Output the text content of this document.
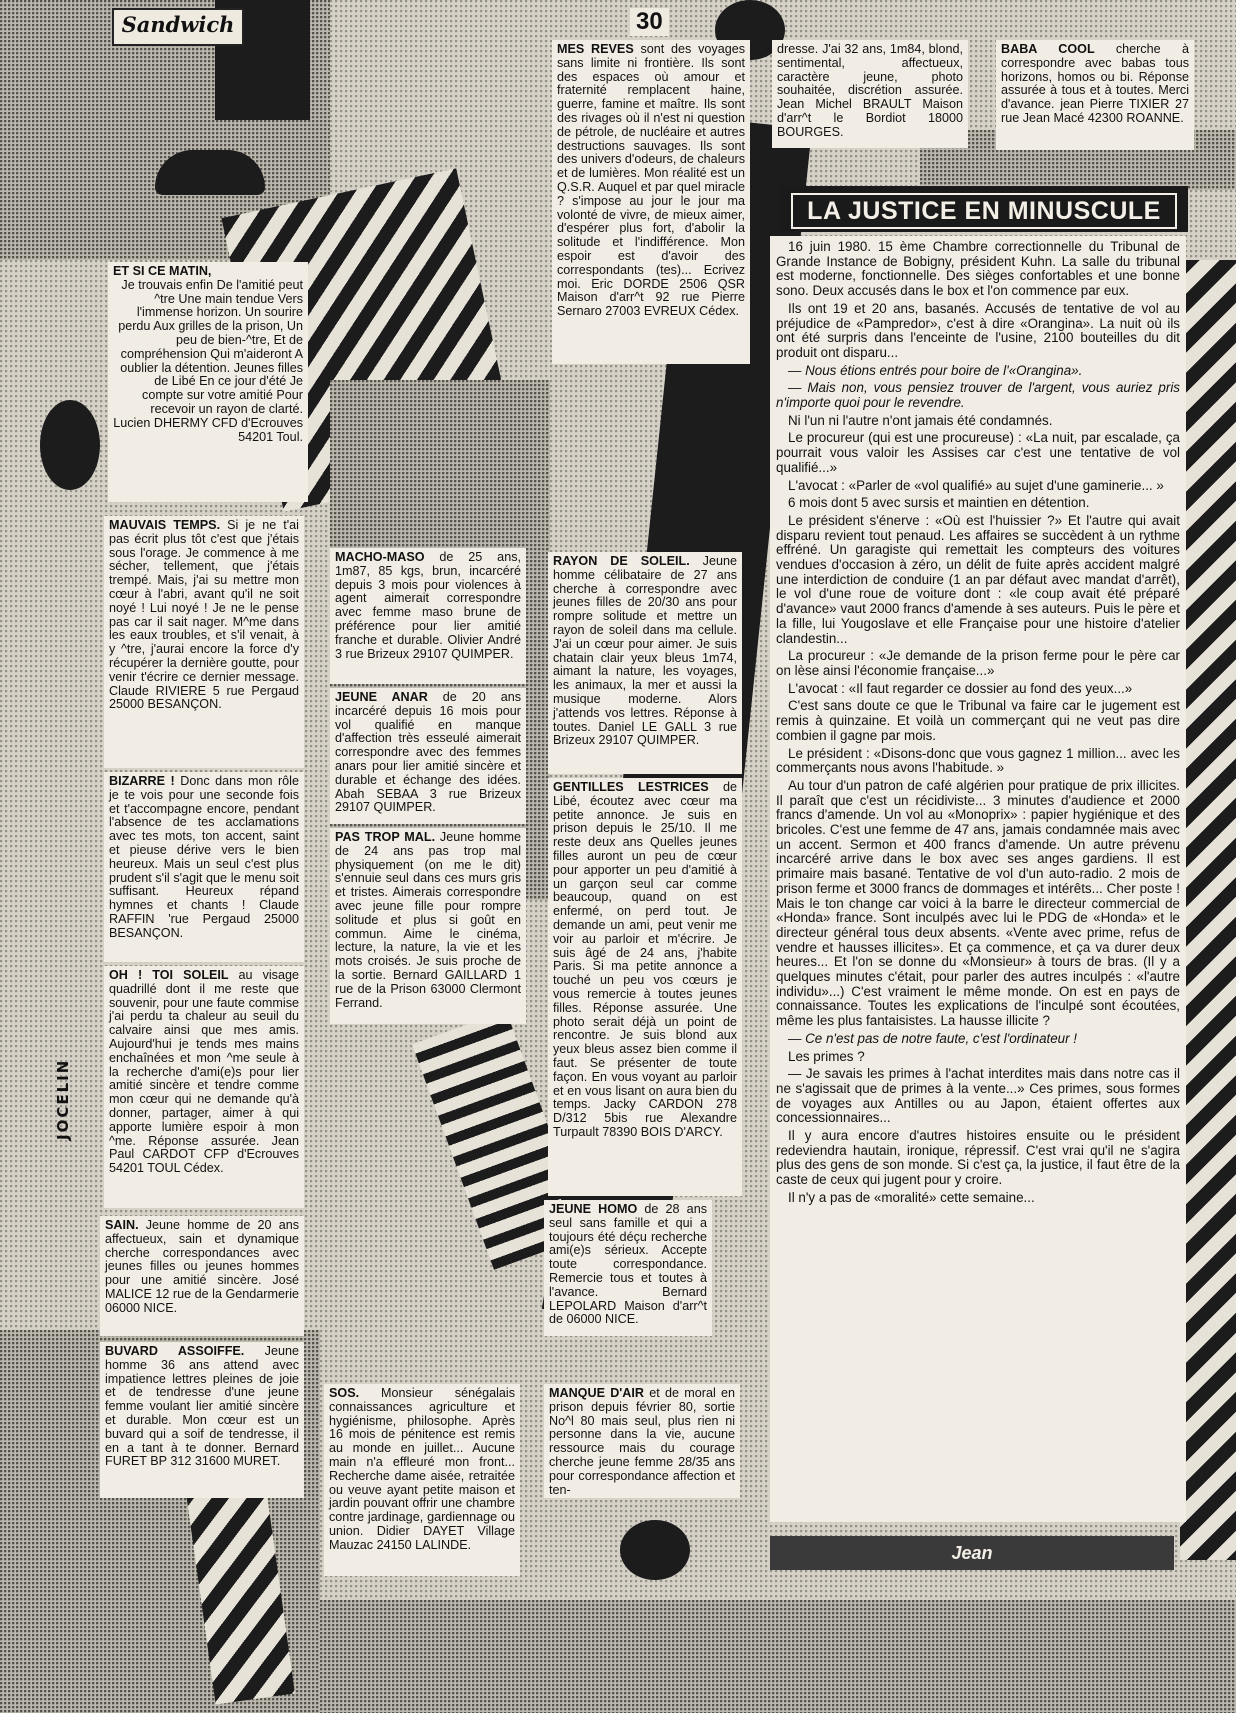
Sandwich	30
ET SI CE MATIN,
Je trouvais enfin De l'amitié peut ^tre Une main tendue Vers l'immense horizon. Un sourire perdu Aux grilles de la prison, Un peu de bien-^tre, Et de compréhension Qui m'aideront A oublier la détention. Jeunes filles de Libé En ce jour d'été Je compte sur votre amitié Pour recevoir un rayon de clarté. Lucien DHERMY CFD d'Ecrouves 54201 Toul.
MAUVAIS TEMPS. Si je ne t'ai pas écrit plus tôt c'est que j'étais sous l'orage. Je commence à me sécher, tellement, que j'étais trempé. Mais, j'ai su mettre mon cœur à l'abri, avant qu'il ne soit noyé ! Lui noyé ! Je ne le pense pas car il sait nager. M^me dans les eaux troubles, et s'il venait, à y ^tre, j'aurai encore la force d'y récupérer la dernière goutte, pour venir t'écrire ce dernier message. Claude RIVIERE 5 rue Pergaud 25000 BESANÇON.
BIZARRE ! Donc dans mon rôle je te vois pour une seconde fois et t'accompagne encore, pendant l'absence de tes acclamations avec tes mots, ton accent, saint et pieuse dérive vers le bien heureux. Mais un seul c'est plus prudent s'il s'agit que le menu soit suffisant. Heureux répand hymnes et chants ! Claude RAFFIN 'rue Pergaud 25000 BESANÇON.
OH ! TOI SOLEIL au visage quadrillé dont il me reste que souvenir, pour une faute commise j'ai perdu ta chaleur au seuil du calvaire ainsi que mes amis. Aujourd'hui je tends mes mains enchaînées et mon ^me seule à la recherche d'ami(e)s pour lier amitié sincère et tendre comme mon cœur qui ne demande qu'à donner, partager, aimer à qui apporte lumière espoir à mon ^me. Réponse assurée. Jean Paul CARDOT CFP d'Ecrouves 54201 TOUL Cédex.
SAIN. Jeune homme de 20 ans affectueux, sain et dynamique cherche correspondances avec jeunes filles ou jeunes hommes pour une amitié sincère. José MALICE 12 rue de la Gendarmerie 06000 NICE.
BUVARD ASSOIFFE. Jeune homme 36 ans attend avec impatience lettres pleines de joie et de tendresse d'une jeune femme voulant lier amitié sincère et durable. Mon cœur est un buvard qui a soif de tendresse, il en a tant à te donner. Bernard FURET BP 312 31600 MURET.
MACHO-MASO de 25 ans, 1m87, 85 kgs, brun, incarcéré depuis 3 mois pour violences à agent aimerait correspondre avec femme maso brune de préférence pour lier amitié franche et durable. Olivier André 3 rue Brizeux 29107 QUIMPER.
JEUNE ANAR de 20 ans incarcéré depuis 16 mois pour vol qualifié en manque d'affection très esseulé aimerait correspondre avec des femmes anars pour lier amitié sincère et durable et échange des idées. Abah SEBAA 3 rue Brizeux 29107 QUIMPER.
PAS TROP MAL. Jeune homme de 24 ans pas trop mal physiquement (on me le dit) s'ennuie seul dans ces murs gris et tristes. Aimerais correspondre avec jeune fille pour rompre solitude et plus si goût en commun. Aime le cinéma, lecture, la nature, la vie et les mots croisés. Je suis proche de la sortie. Bernard GAILLARD 1 rue de la Prison 63000 Clermont Ferrand.
SOS. Monsieur sénégalais connaissances agriculture et hygiénisme, philosophe. Après 16 mois de pénitence est remis au monde en juillet... Aucune main n'a effleuré mon front... Recherche dame aisée, retraitée ou veuve ayant petite maison et jardin pouvant offrir une chambre contre jardinage, gardiennage ou union. Didier DAYET Village Mauzac 24150 LALINDE.
MES REVES sont des voyages sans limite ni frontière. Ils sont des espaces où amour et fraternité remplacent haine, guerre, famine et maître. Ils sont des rivages où il n'est ni question de pétrole, de nucléaire et autres destructions sauvages. Ils sont des univers d'odeurs, de chaleurs et de lumières. Mon réalité est un Q.S.R. Auquel et par quel miracle ? s'impose au jour le jour ma volonté de vivre, de mieux aimer, d'espérer plus fort, d'abolir la solitude et l'indifférence. Mon espoir est d'avoir des correspondants (tes)... Ecrivez moi. Eric DORDE 2506 QSR Maison d'arr^t 92 rue Pierre Sernaro 27003 EVREUX Cédex.
RAYON DE SOLEIL. Jeune homme célibataire de 27 ans cherche à correspondre avec jeunes filles de 20/30 ans pour rompre solitude et mettre un rayon de soleil dans ma cellule. J'ai un cœur pour aimer. Je suis chatain clair yeux bleus 1m74, aimant la nature, les voyages, les animaux, la mer et aussi la musique moderne. Alors j'attends vos lettres. Réponse à toutes. Daniel LE GALL 3 rue Brizeux 29107 QUIMPER.
GENTILLES LESTRICES de Libé, écoutez avec cœur ma petite annonce. Je suis en prison depuis le 25/10. Il me reste deux ans Quelles jeunes filles auront un peu de cœur pour apporter un peu d'amitié à un garçon seul car comme beaucoup, quand on est enfermé, on perd tout. Je demande un ami, peut venir me voir au parloir et m'écrire. Je suis âgé de 24 ans, j'habite Paris. Si ma petite annonce a touché un peu vos cœurs je vous remercie à toutes jeunes filles. Réponse assurée. Une photo serait déjà un point de rencontre. Je suis blond aux yeux bleus assez bien comme il faut. Se présenter de toute façon. En vous voyant au parloir et en vous lisant on aura bien du temps. Jacky CARDON 278 D/312 5bis rue Alexandre Turpault 78390 BOIS D'ARCY.
JEUNE HOMO de 28 ans seul sans famille et qui a toujours été déçu recherche ami(e)s sérieux. Accepte toute correspondance. Remercie tous et toutes à l'avance. Bernard LEPOLARD Maison d'arr^t de 06000 NICE.
MANQUE D'AIR et de moral en prison depuis février 80, sortie No^l 80 mais seul, plus rien ni personne dans la vie, aucune ressource mais du courage cherche jeune femme 28/35 ans pour correspondance affection et ten-
dresse. J'ai 32 ans, 1m84, blond, sentimental, affectueux, caractère jeune, photo souhaitée, discrétion assurée. Jean Michel BRAULT Maison d'arr^t le Bordiot 18000 BOURGES.
BABA COOL cherche à correspondre avec babas tous horizons, homos ou bi. Réponse assurée à tous et à toutes. Merci d'avance. jean Pierre TIXIER 27 rue Jean Macé 42300 ROANNE.
LA JUSTICE EN MINUSCULE

16 juin 1980. 15 ème Chambre correctionnelle du Tribunal de Grande Instance de Bobigny, président Kuhn. La salle du tribunal est moderne, fonctionnelle. Des sièges confortables et une bonne sono. Deux accusés dans le box et l'on commence par eux.

Ils ont 19 et 20 ans, basanés. Accusés de tentative de vol au préjudice de «Pampredor», c'est à dire «Orangina». La nuit où ils ont été surpris dans l'enceinte de l'usine, 2100 bouteilles du dit produit ont disparu...

— Nous étions entrés pour boire de l'«Orangina».

— Mais non, vous pensiez trouver de l'argent, vous auriez pris n'importe quoi pour le revendre.

Ni l'un ni l'autre n'ont jamais été condamnés.

Le procureur (qui est une procureuse) : «La nuit, par escalade, ça pourrait vous valoir les Assises car c'est une tentative de vol qualifié...»

L'avocat : «Parler de «vol qualifié» au sujet d'une gaminerie... »

6 mois dont 5 avec sursis et maintien en détention.

Le président s'énerve : «Où est l'huissier ?» Et l'autre qui avait disparu revient tout penaud. Les affaires se succèdent à un rythme effréné. Un garagiste qui remettait les compteurs des voitures vendues d'occasion à zéro, un délit de fuite après accident malgré une interdiction de conduire (1 an par défaut avec mandat d'arrêt), le vol d'une roue de voiture dont : «le coup avait été préparé d'avance» vaut 2000 francs d'amende à ses auteurs. Puis le père et la fille, lui Yougoslave et elle Française pour une histoire d'atelier clandestin...

La procureur : «Je demande de la prison ferme pour le père car on lèse ainsi l'économie française...»

L'avocat : «Il faut regarder ce dossier au fond des yeux...»

C'est sans doute ce que le Tribunal va faire car le jugement est remis à quinzaine. Et voilà un commerçant qui ne veut pas dire combien il gagne par mois.

Le président : «Disons-donc que vous gagnez 1 million... avec les commerçants nous avons l'habitude. »

Au tour d'un patron de café algérien pour pratique de prix illicites. Il paraît que c'est un récidiviste... 3 minutes d'audience et 2000 francs d'amende. Un vol au «Monoprix» : papier hygiénique et des bricoles. C'est une femme de 47 ans, jamais condamnée mais avec un accent. Sermon et 400 francs d'amende. Un autre prévenu incarcéré arrive dans le box avec ses anges gardiens. Il est primaire mais basané. Tentative de vol d'un auto-radio. 2 mois de prison ferme et 3000 francs de dommages et intérêts... Cher poste ! Mais le ton change car voici à la barre le directeur commercial de «Honda» france. Sont inculpés avec lui le PDG de «Honda» et le directeur général tous deux absents. «Vente avec prime, refus de vendre et hausses illicites». Et ça commence, et ça va durer deux heures... Et l'on se donne du «Monsieur» à tours de bras. (Il y a quelques minutes c'était, pour parler des autres inculpés : «l'autre individu»...) C'est vraiment le même monde. On est en pays de connaissance. Toutes les explications de l'inculpé sont écoutées, même les plus fantaisistes. La hausse illicite ?

— Ce n'est pas de notre faute, c'est l'ordinateur !

Les primes ?

— Je savais les primes à l'achat interdites mais dans notre cas il ne s'agissait que de primes à la vente...» Ces primes, sous formes de voyages aux Antilles ou au Japon, étaient offertes aux concessionnaires...

Il y aura encore d'autres histoires ensuite ou le président redeviendra hautain, ironique, répressif. C'est vrai qu'il ne s'agira plus des gens de son monde. Si c'est ça, la justice, il faut être de la caste de ceux qui jugent pour y croire.

Il n'y a pas de «moralité» cette semaine...

Jean
JOCELIN
